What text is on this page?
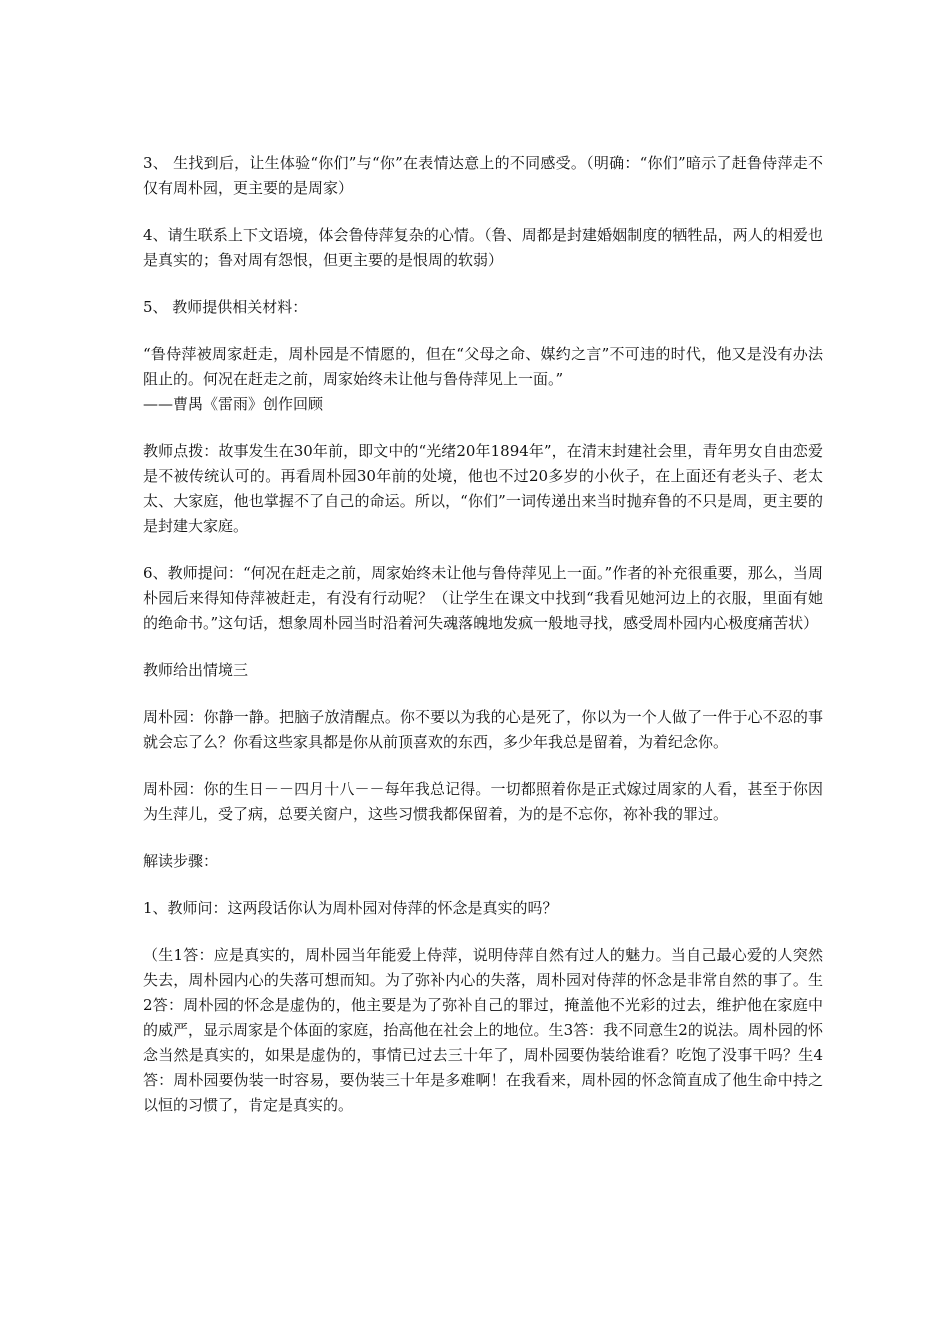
3、 生找到后，让生体验“你们”与“你”在表情达意上的不同感受。（明确：“你们”暗示了赶鲁侍萍走不仅有周朴园，更主要的是周家）

4、请生联系上下文语境，体会鲁侍萍复杂的心情。（鲁、周都是封建婚姻制度的牺牲品，两人的相爱也是真实的；鲁对周有怨恨，但更主要的是恨周的软弱）

5、 教师提供相关材料：

“鲁侍萍被周家赶走，周朴园是不情愿的，但在“父母之命、媒约之言”不可违的时代，他又是没有办法阻止的。何况在赶走之前，周家始终未让他与鲁侍萍见上一面。”

——曹禺《雷雨》创作回顾

教师点拨：故事发生在30年前，即文中的“光绪20年1894年”，在清末封建社会里，青年男女自由恋爱是不被传统认可的。再看周朴园30年前的处境，他也不过20多岁的小伙子，在上面还有老头子、老太太、大家庭，他也掌握不了自己的命运。所以，“你们”一词传递出来当时抛弃鲁的不只是周，更主要的是封建大家庭。

6、教师提问：“何况在赶走之前，周家始终未让他与鲁侍萍见上一面。”作者的补充很重要，那么，当周朴园后来得知侍萍被赶走，有没有行动呢？（让学生在课文中找到“我看见她河边上的衣服，里面有她的绝命书。”这句话，想象周朴园当时沿着河失魂落魄地发疯一般地寻找，感受周朴园内心极度痛苦状）

教师给出情境三

周朴园：你静一静。把脑子放清醒点。你不要以为我的心是死了，你以为一个人做了一件于心不忍的事就会忘了么？你看这些家具都是你从前顶喜欢的东西，多少年我总是留着，为着纪念你。

周朴园：你的生日－－四月十八－－每年我总记得。一切都照着你是正式嫁过周家的人看，甚至于你因为生萍儿，受了病，总要关窗户，这些习惯我都保留着，为的是不忘你，祢补我的罪过。

解读步骤：

1、教师问：这两段话你认为周朴园对侍萍的怀念是真实的吗？

（生1答：应是真实的，周朴园当年能爱上侍萍，说明侍萍自然有过人的魅力。当自己最心爱的人突然失去，周朴园内心的失落可想而知。为了弥补内心的失落，周朴园对侍萍的怀念是非常自然的事了。生2答：周朴园的怀念是虚伪的，他主要是为了弥补自己的罪过，掩盖他不光彩的过去，维护他在家庭中的威严，显示周家是个体面的家庭，抬高他在社会上的地位。生3答：我不同意生2的说法。周朴园的怀念当然是真实的，如果是虚伪的，事情已过去三十年了，周朴园要伪装给谁看？吃饱了没事干吗？生4答：周朴园要伪装一时容易，要伪装三十年是多难啊！在我看来，周朴园的怀念简直成了他生命中持之以恒的习惯了，肯定是真实的。
